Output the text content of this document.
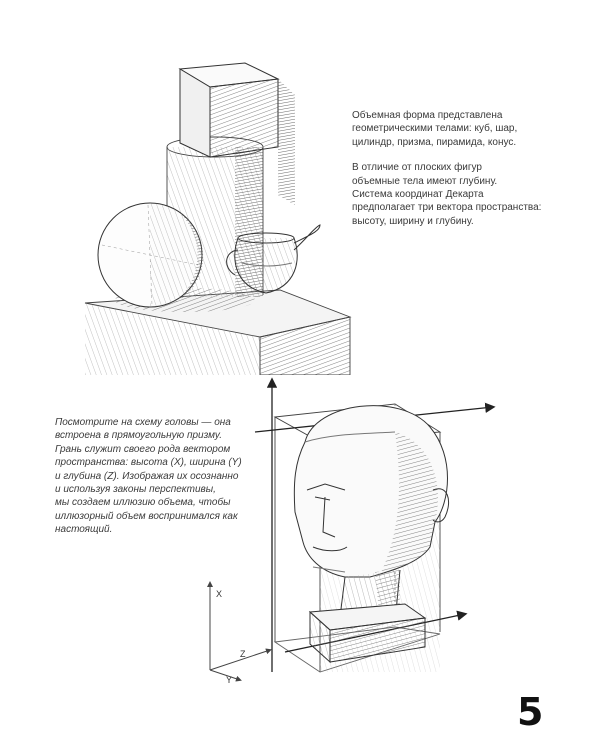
Объемная форма представлена
геометрическими телами: куб, шар,
цилиндр, призма, пирамида, конус.

В отличие от плоских фигур
объемные тела имеют глубину.
Система координат Декарта
предполагает три вектора пространства:
высоту, ширину и глубину.

X
Z
Y

Посмотрите на схему головы — она
встроена в прямоугольную призму.
Грань служит своего рода вектором
пространства: высота (X), ширина (Y)
и глубина (Z). Изображая их осознанно
и используя законы перспективы,
мы создаем иллюзию объема, чтобы
иллюзорный объем воспринимался как
настоящий.

5
